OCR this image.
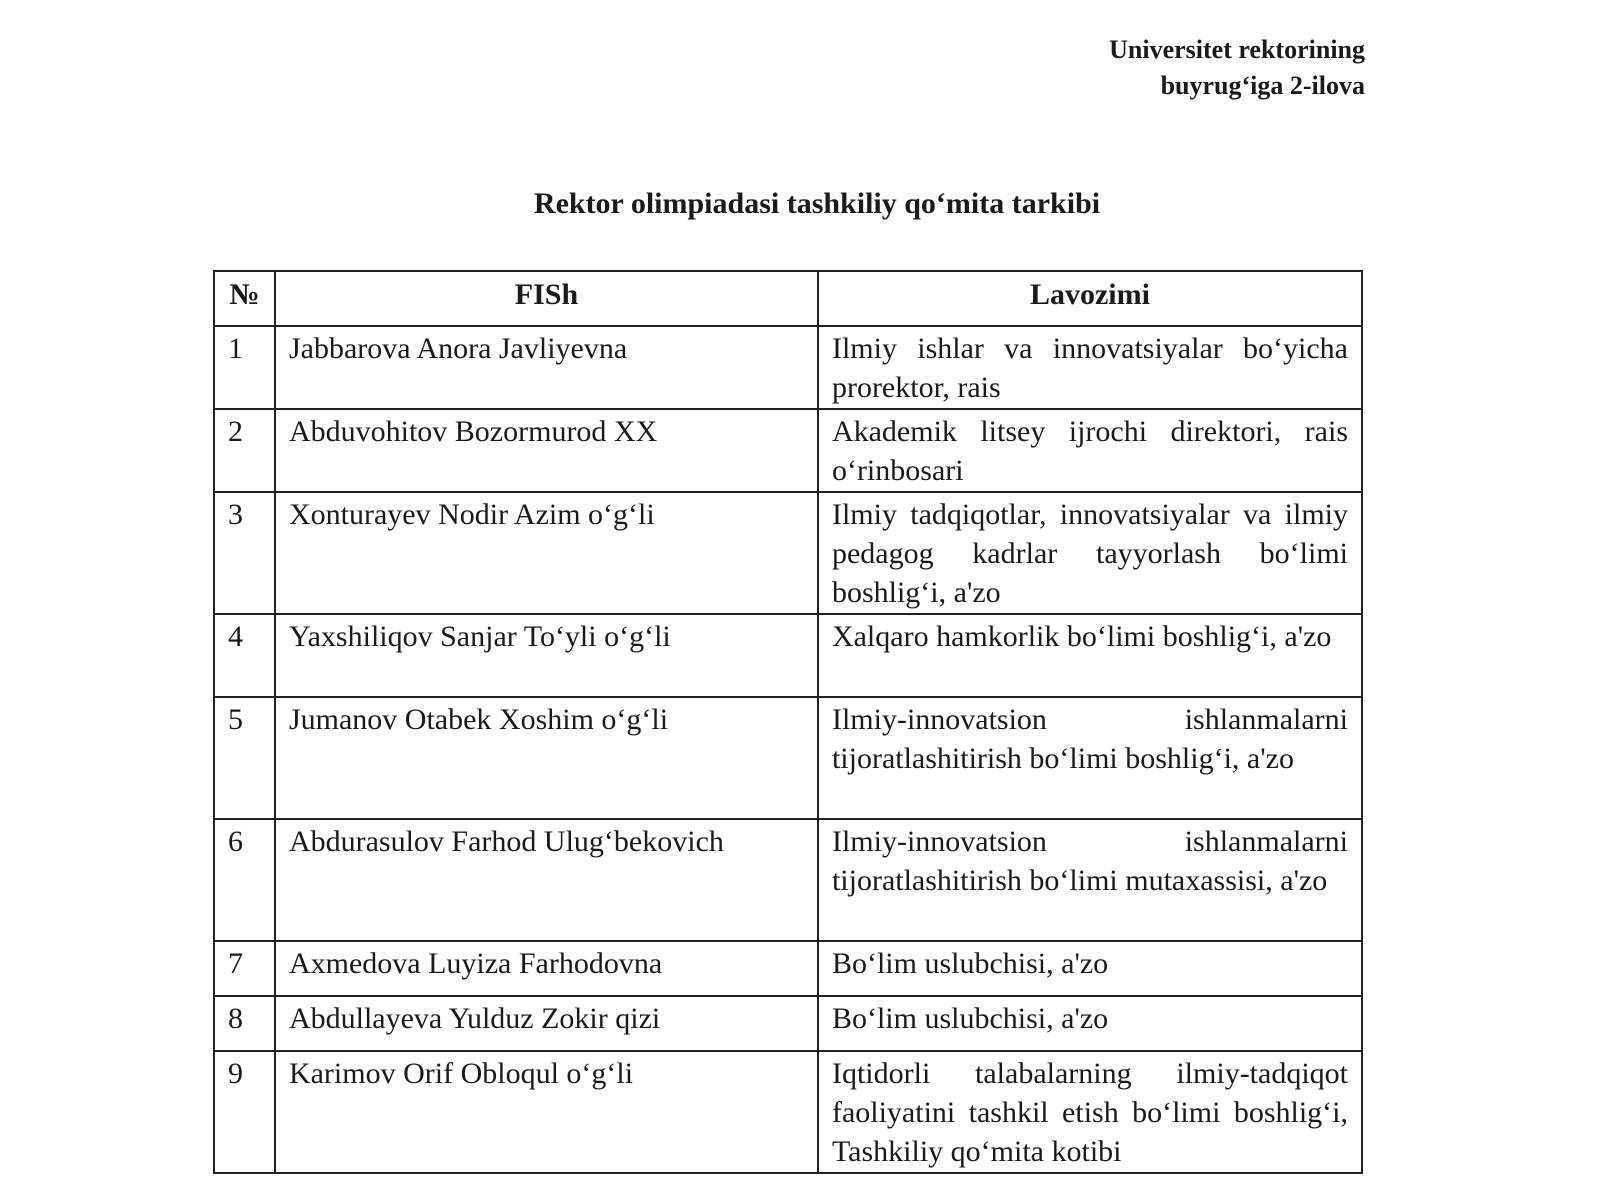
Universitet rektorining
buyrug‘iga 2-ilova
Rektor olimpiadasi tashkiliy qo‘mita tarkibi
№	FISh	Lavozimi
1	Jabbarova Anora Javliyevna	Ilmiy ishlar va innovatsiyalar bo‘yicha prorektor, rais
2	Abduvohitov Bozormurod XX	Akademik litsey ijrochi direktori, rais o‘rinbosari
3	Xonturayev Nodir Azim o‘g‘li	Ilmiy tadqiqotlar, innovatsiyalar va ilmiy pedagog kadrlar tayyorlash bo‘limi boshlig‘i, a'zo
4	Yaxshiliqov Sanjar To‘yli o‘g‘li	Xalqaro hamkorlik bo‘limi boshlig‘i, a'zo
5	Jumanov Otabek Xoshim o‘g‘li	Ilmiy-innovatsion ishlanmalarni tijoratlashitirish bo‘limi boshlig‘i, a'zo
6	Abdurasulov Farhod Ulug‘bekovich	Ilmiy-innovatsion ishlanmalarni tijoratlashitirish bo‘limi mutaxassisi, a'zo
7	Axmedova Luyiza Farhodovna	Bo‘lim uslubchisi, a'zo
8	Abdullayeva Yulduz Zokir qizi	Bo‘lim uslubchisi, a'zo
9	Karimov Orif Obloqul o‘g‘li	Iqtidorli talabalarning ilmiy-tadqiqot faoliyatini tashkil etish bo‘limi boshlig‘i, Tashkiliy qo‘mita kotibi
